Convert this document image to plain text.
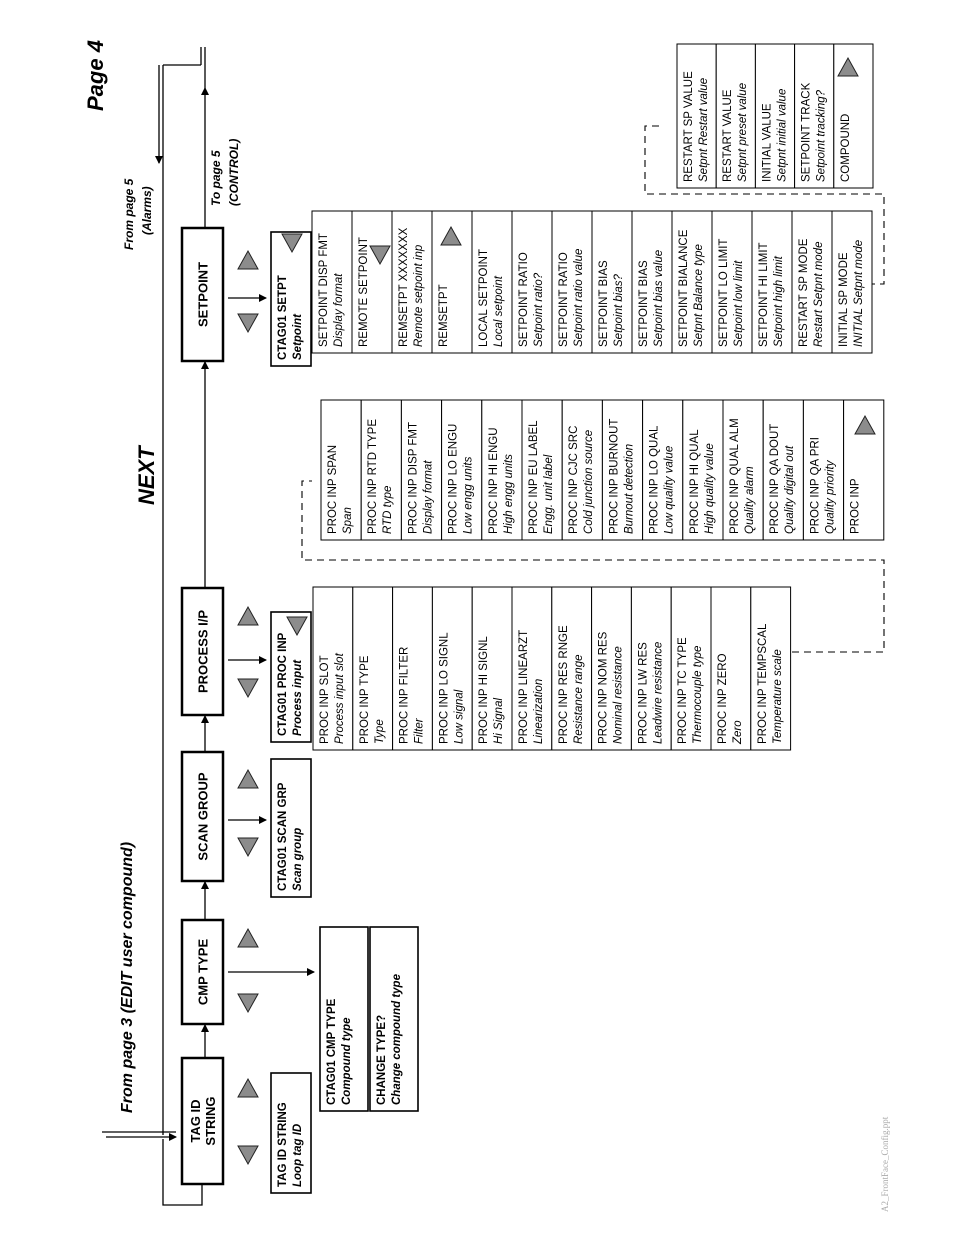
Page 4
From page 3 (EDIT user compound)
NEXT
From page 5 (Alarms)
To page 5 (CONTROL)
A2_FrontFace_Config.ppt
TAG ID STRING
CMP TYPE
SCAN GROUP
PROCESS I/P
SETPOINT
TAG ID STRING Loop tag ID
CTAG01 CMP TYPE Compound type CHANGE TYPE? Change compound type
CTAG01 SCAN GRP Scan group
CTAG01 PROC INP Process input
CTAG01 SETPT Setpoint
PROC INP SLOT Process input slot PROC INP TYPE Type PROC INP FILTER Filter PROC INP LO SIGNL Low signal PROC INP HI SIGNL Hi Signal PROC INP LINEARZT Linearization PROC INP RES RNGE Resistance range PROC INP NOM RES Nominal resistance PROC INP LW RES Leadwire resistance PROC INP TC TYPE Thermocouple type PROC INP ZERO Zero PROC INP TEMPSCAL Temperature scale
PROC INP SPAN Span PROC INP RTD TYPE RTD type PROC INP DISP FMT Display format PROC INP LO ENGU Low engg units PROC INP HI ENGU High engg units PROC INP EU LABEL Engg. unit label PROC INP CJC SRC Cold junction source PROC INP BURNOUT Burnout detection PROC INP LO QUAL Low quality value PROC INP HI QUAL High quality value PROC INP QUAL ALM Quality alarm PROC INP QA DOUT Quality digital out PROC INP QA PRI Quality priority PROC INP
SETPOINT DISP FMT Display format REMOTE SETPOINT REMSETPT XXXXXXX Remote setpoint inp REMSETPT LOCAL SETPOINT Local setpoint SETPOINT RATIO Setpoint ratio? SETPOINT RATIO Setpoint ratio value SETPOINT BIAS Setpoint bias? SETPOINT BIAS Setpoint bias value SETPOINT BIALANCE Setpnt Balance type SETPOINT LO LIMIT Setpoint low limit SETPOINT HI LIMIT Setpoint high limit RESTART SP MODE Restart Setpnt mode INITIAL SP MODE INITIAL Setpnt mode
RESTART SP VALUE Setpnt Restart value RESTART VALUE Setpnt preset value INITIAL VALUE Setpnt initial value SETPOINT TRACK Setpoint tracking? COMPOUND
